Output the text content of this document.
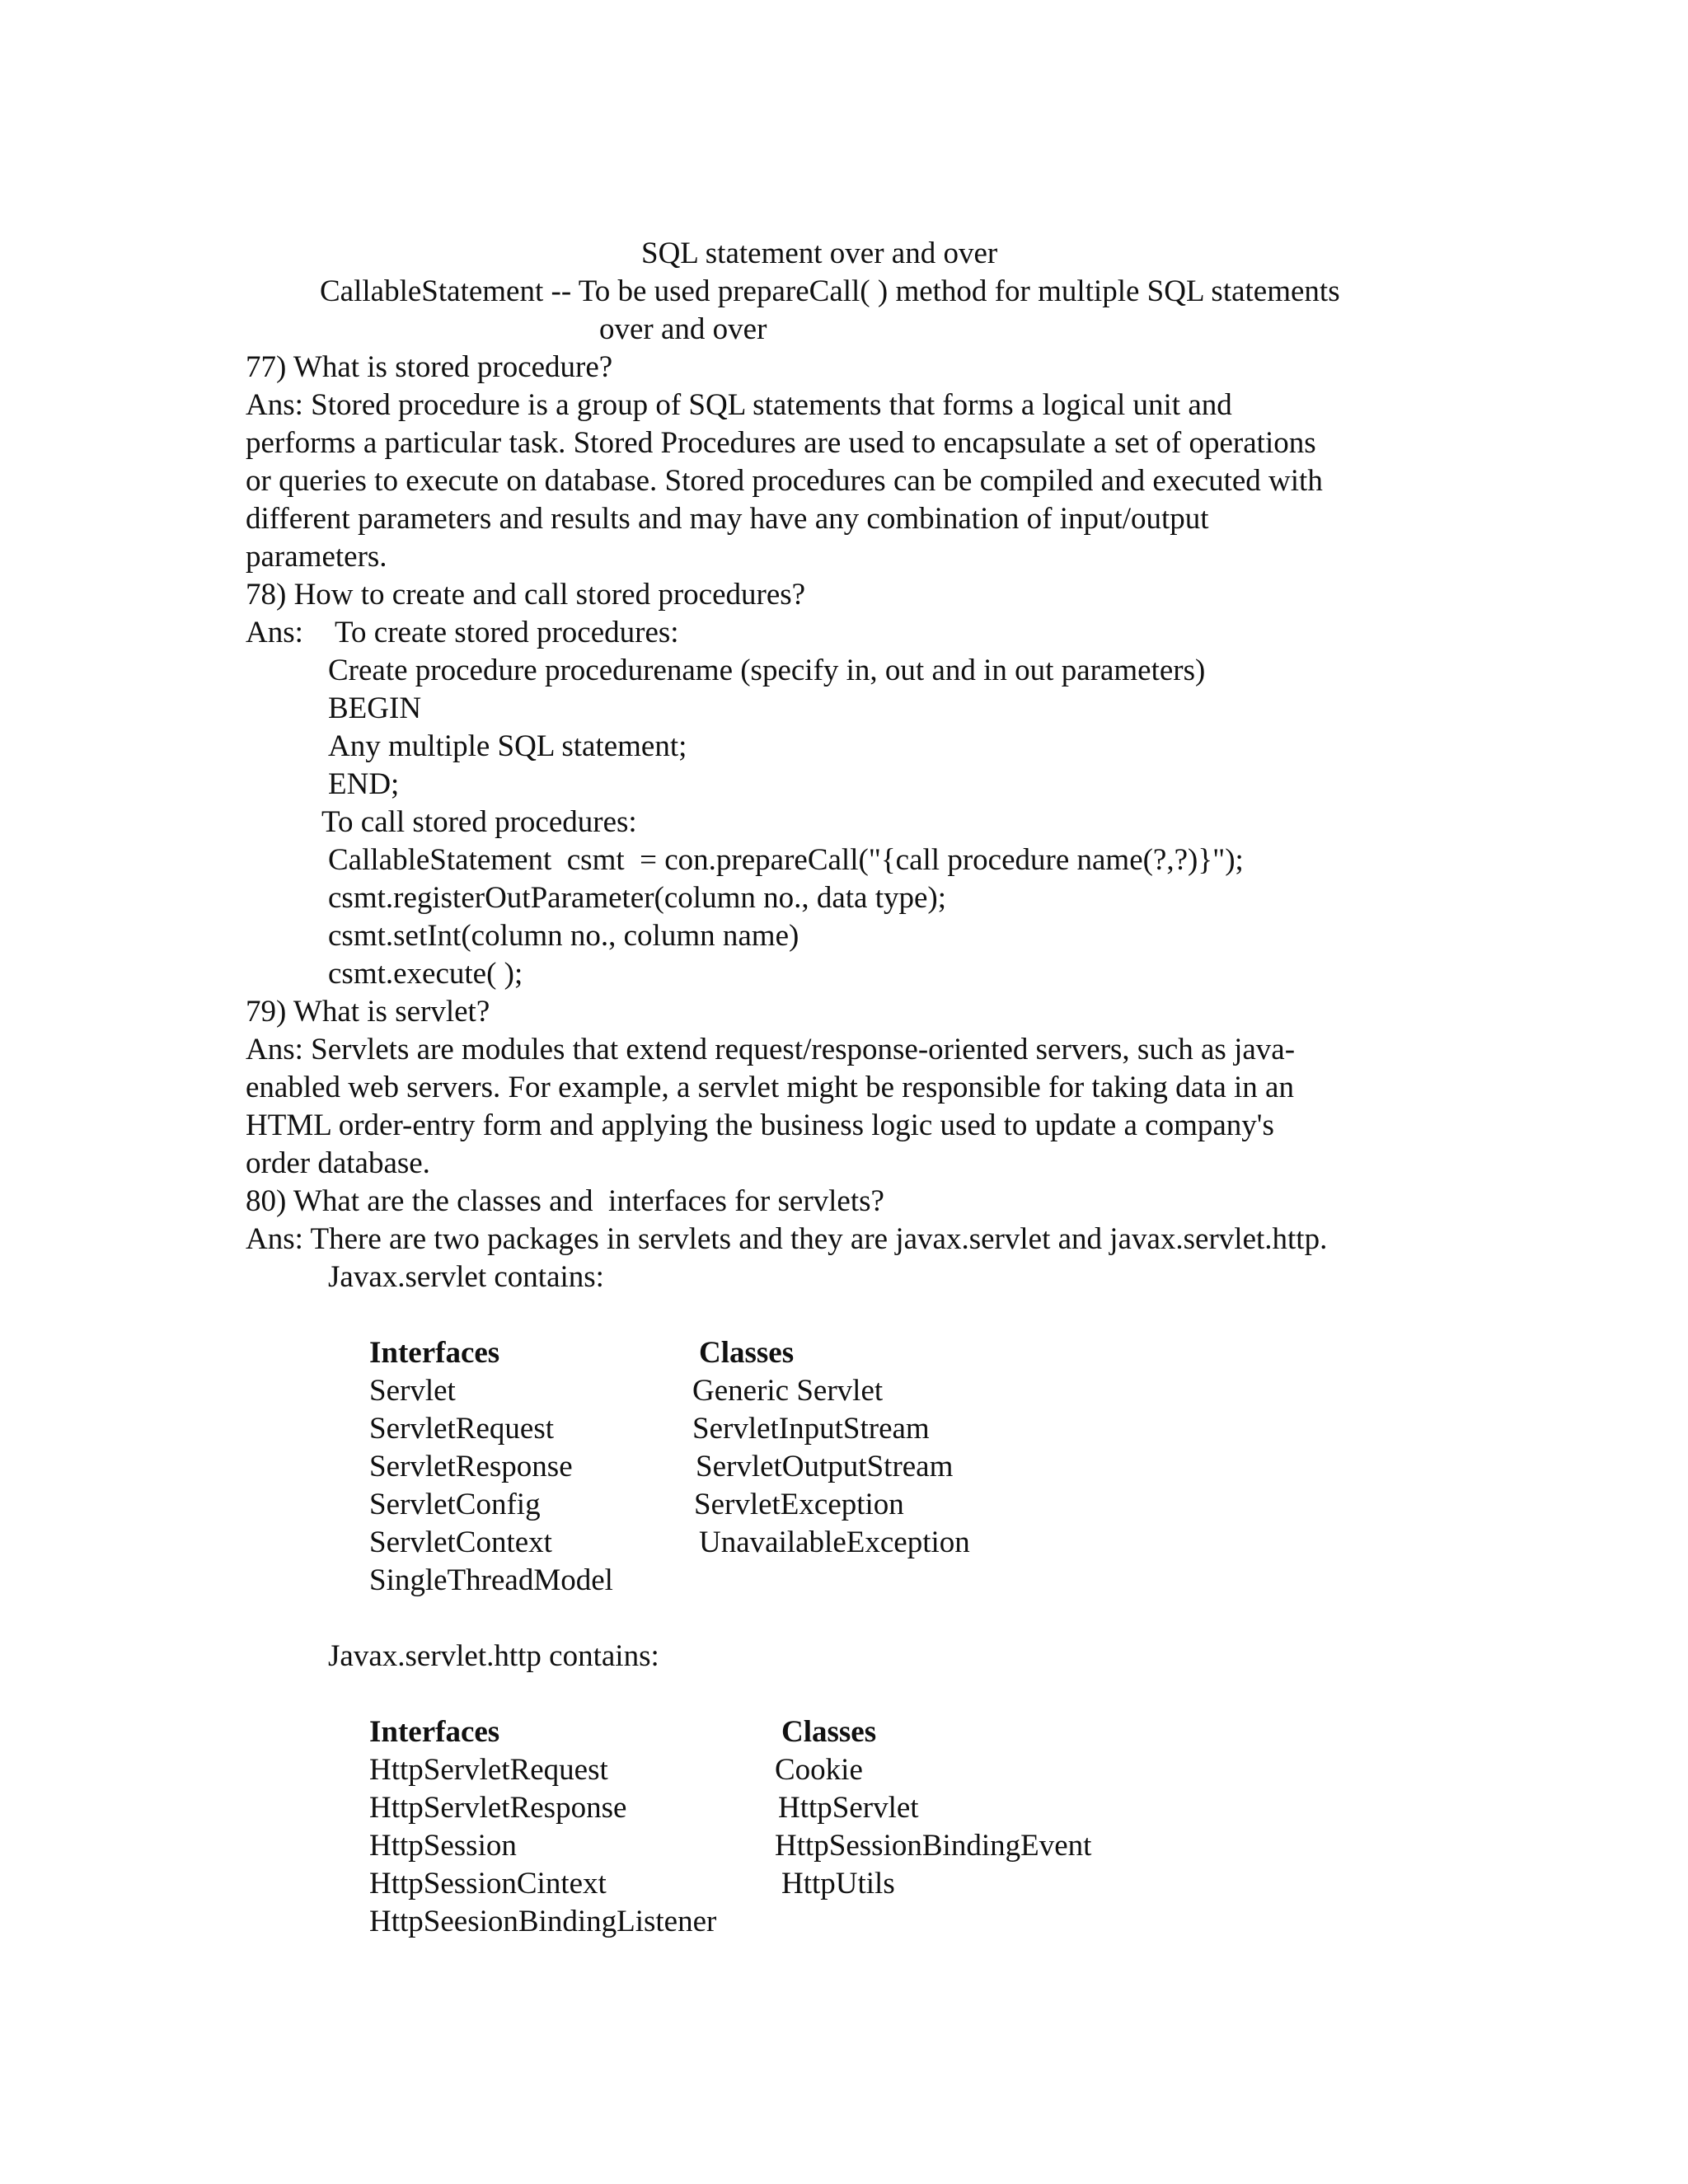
SQL statement over and over
CallableStatement -- To be used prepareCall( ) method for multiple SQL statements
over and over
77) What is stored procedure?
Ans: Stored procedure is a group of SQL statements that forms a logical unit and
performs a particular task. Stored Procedures are used to encapsulate a set of operations
or queries to execute on database. Stored procedures can be compiled and executed with
different parameters and results and may have any combination of input/output
parameters.
78) How to create and call stored procedures?
Ans: To create stored procedures:
Create procedure procedurename (specify in, out and in out parameters)
BEGIN
Any multiple SQL statement;
END;
To call stored procedures:
CallableStatement  csmt  = con.prepareCall("{call procedure name(?,?)}");
csmt.registerOutParameter(column no., data type);
csmt.setInt(column no., column name)
csmt.execute( );
79) What is servlet?
Ans: Servlets are modules that extend request/response-oriented servers, such as java-
enabled web servers. For example, a servlet might be responsible for taking data in an
HTML order-entry form and applying the business logic used to update a company's
order database.
80) What are the classes and  interfaces for servlets?
Ans: There are two packages in servlets and they are javax.servlet and javax.servlet.http.
Javax.servlet contains:
Interfaces	Classes
Servlet
ServletRequest
ServletResponse
ServletConfig
ServletContext
SingleThreadModel
Generic Servlet
ServletInputStream
ServletOutputStream
ServletException
UnavailableException
Javax.servlet.http contains:
Interfaces	Classes
HttpServletRequest
HttpServletResponse
HttpSession
HttpSessionCintext
HttpSeesionBindingListener
Cookie
HttpServlet
HttpSessionBindingEvent
HttpUtils
